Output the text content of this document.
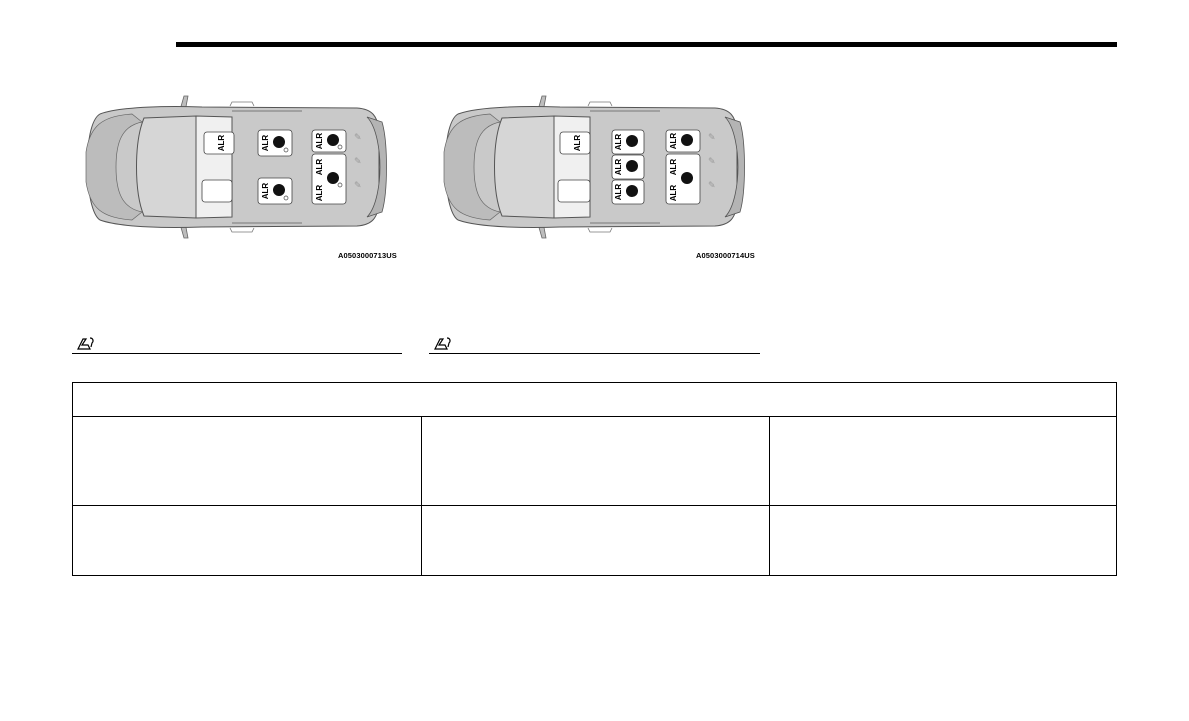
ALR	ALR
ALR
ALR
ALR
ALR
✎
✎
✎
A0503000713US
ALR	ALR
ALR
ALR
ALR
ALR
ALR
✎
✎
✎
A0503000714US
